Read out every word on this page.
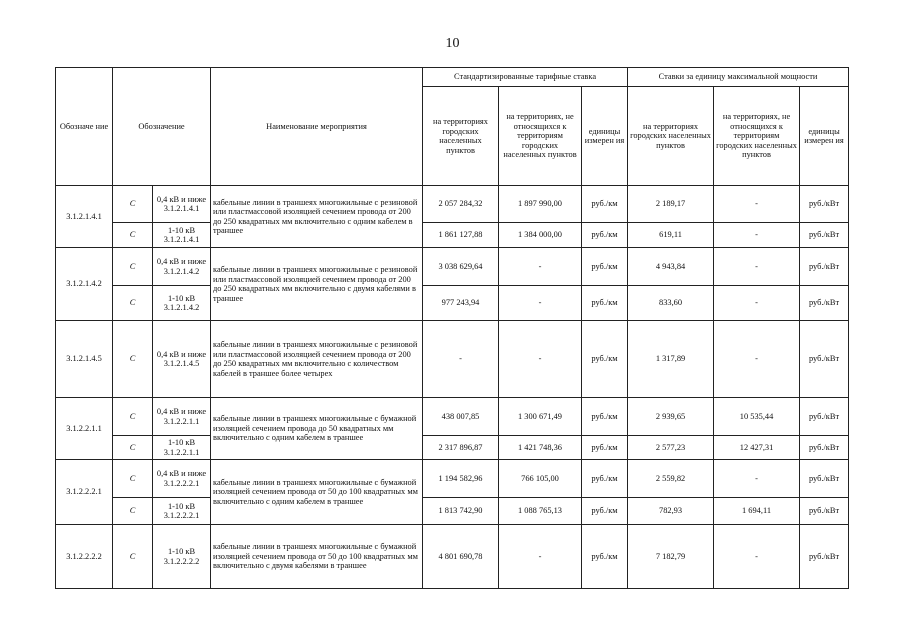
10
Обозначе ние	Обозначение		Наименование мероприятия	Стандартизированные тарифные ставка			Ставки за единицу максимальной мощности		
				на территориях городских населенных пунктов	на территориях, не относящихся к территориям городских населенных пунктов	единицы измерен ия	на территориях городских населенных пунктов	на территориях, не относящихся к территориям городских населенных пунктов	единицы измерен ия
3.1.2.1.4.1	С	0,4 кВ и ниже 3.1.2.1.4.1	кабельные линии в траншеях многожильные с резиновой или пластмассовой изоляцией сечением провода от 200 до 250 квадратных мм включительно с одним кабелем в траншее	2 057 284,32	1 897 990,00	руб./км	2 189,17	-	руб./кВт
	С	1-10 кВ 3.1.2.1.4.1		1 861 127,88	1 384 000,00	руб./км	619,11	-	руб./кВт
3.1.2.1.4.2	С	0,4 кВ и ниже 3.1.2.1.4.2	кабельные линии в траншеях многожильные с резиновой или пластмассовой изоляцией сечением провода от 200 до 250 квадратных мм включительно с двумя кабелями в траншее	3 038 629,64	-	руб./км	4 943,84	-	руб./кВт
	С	1-10 кВ 3.1.2.1.4.2		977 243,94	-	руб./км	833,60	-	руб./кВт
3.1.2.1.4.5	С	0,4 кВ и ниже 3.1.2.1.4.5	кабельные линии в траншеях многожильные с резиновой или пластмассовой изоляцией сечением провода от 200 до 250 квадратных мм включительно с количеством кабелей в траншее более четырех	-	-	руб./км	1 317,89	-	руб./кВт
3.1.2.2.1.1	С	0,4 кВ и ниже 3.1.2.2.1.1	кабельные линии в траншеях многожильные с бумажной изоляцией сечением провода до 50 квадратных мм включительно с одним кабелем в траншее	438 007,85	1 300 671,49	руб./км	2 939,65	10 535,44	руб./кВт
	С	1-10 кВ 3.1.2.2.1.1		2 317 896,87	1 421 748,36	руб./км	2 577,23	12 427,31	руб./кВт
3.1.2.2.2.1	С	0,4 кВ и ниже 3.1.2.2.2.1	кабельные линии в траншеях многожильные с бумажной изоляцией сечением провода от 50 до 100 квадратных мм включительно с одним кабелем в траншее	1 194 582,96	766 105,00	руб./км	2 559,82	-	руб./кВт
	С	1-10 кВ 3.1.2.2.2.1		1 813 742,90	1 088 765,13	руб./км	782,93	1 694,11	руб./кВт
3.1.2.2.2.2	С	1-10 кВ 3.1.2.2.2.2	кабельные линии в траншеях многожильные с бумажной изоляцией сечением провода от 50 до 100 квадратных мм включительно с двумя кабелями в траншее	4 801 690,78	-	руб./км	7 182,79	-	руб./кВт
